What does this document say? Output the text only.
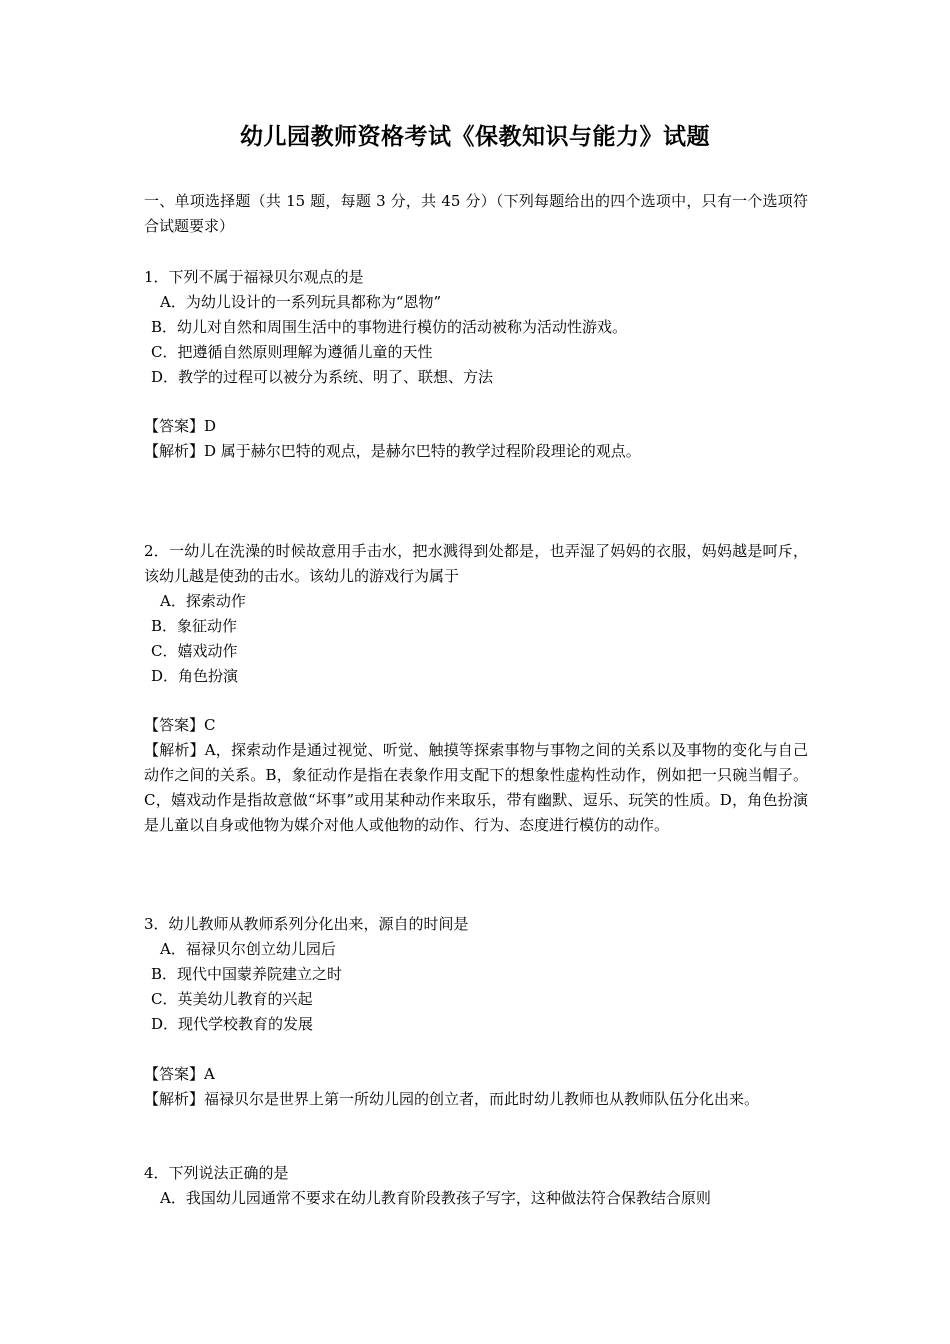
幼儿园教师资格考试《保教知识与能力》试题
一、单项选择题（共 15 题，每题 3 分，共 45 分）（下列每题给出的四个选项中，只有一个选项符合试题要求）
1．下列不属于福禄贝尔观点的是
A．为幼儿设计的一系列玩具都称为“恩物”
B．幼儿对自然和周围生活中的事物进行模仿的活动被称为活动性游戏。
C．把遵循自然原则理解为遵循儿童的天性
D．教学的过程可以被分为系统、明了、联想、方法
【答案】D
【解析】D 属于赫尔巴特的观点，是赫尔巴特的教学过程阶段理论的观点。
2．一幼儿在洗澡的时候故意用手击水，把水溅得到处都是，也弄湿了妈妈的衣服，妈妈越是呵斥，该幼儿越是使劲的击水。该幼儿的游戏行为属于
A．探索动作
B．象征动作
C．嬉戏动作
D．角色扮演
【答案】C
【解析】A，探索动作是通过视觉、听觉、触摸等探索事物与事物之间的关系以及事物的变化与自己动作之间的关系。B，象征动作是指在表象作用支配下的想象性虚构性动作，例如把一只碗当帽子。C，嬉戏动作是指故意做“坏事”或用某种动作来取乐，带有幽默、逗乐、玩笑的性质。D，角色扮演是儿童以自身或他物为媒介对他人或他物的动作、行为、态度进行模仿的动作。
3．幼儿教师从教师系列分化出来，源自的时间是
A．福禄贝尔创立幼儿园后
B．现代中国蒙养院建立之时
C．英美幼儿教育的兴起
D．现代学校教育的发展
【答案】A
【解析】福禄贝尔是世界上第一所幼儿园的创立者，而此时幼儿教师也从教师队伍分化出来。
4．下列说法正确的是
A．我国幼儿园通常不要求在幼儿教育阶段教孩子写字，这种做法符合保教结合原则
